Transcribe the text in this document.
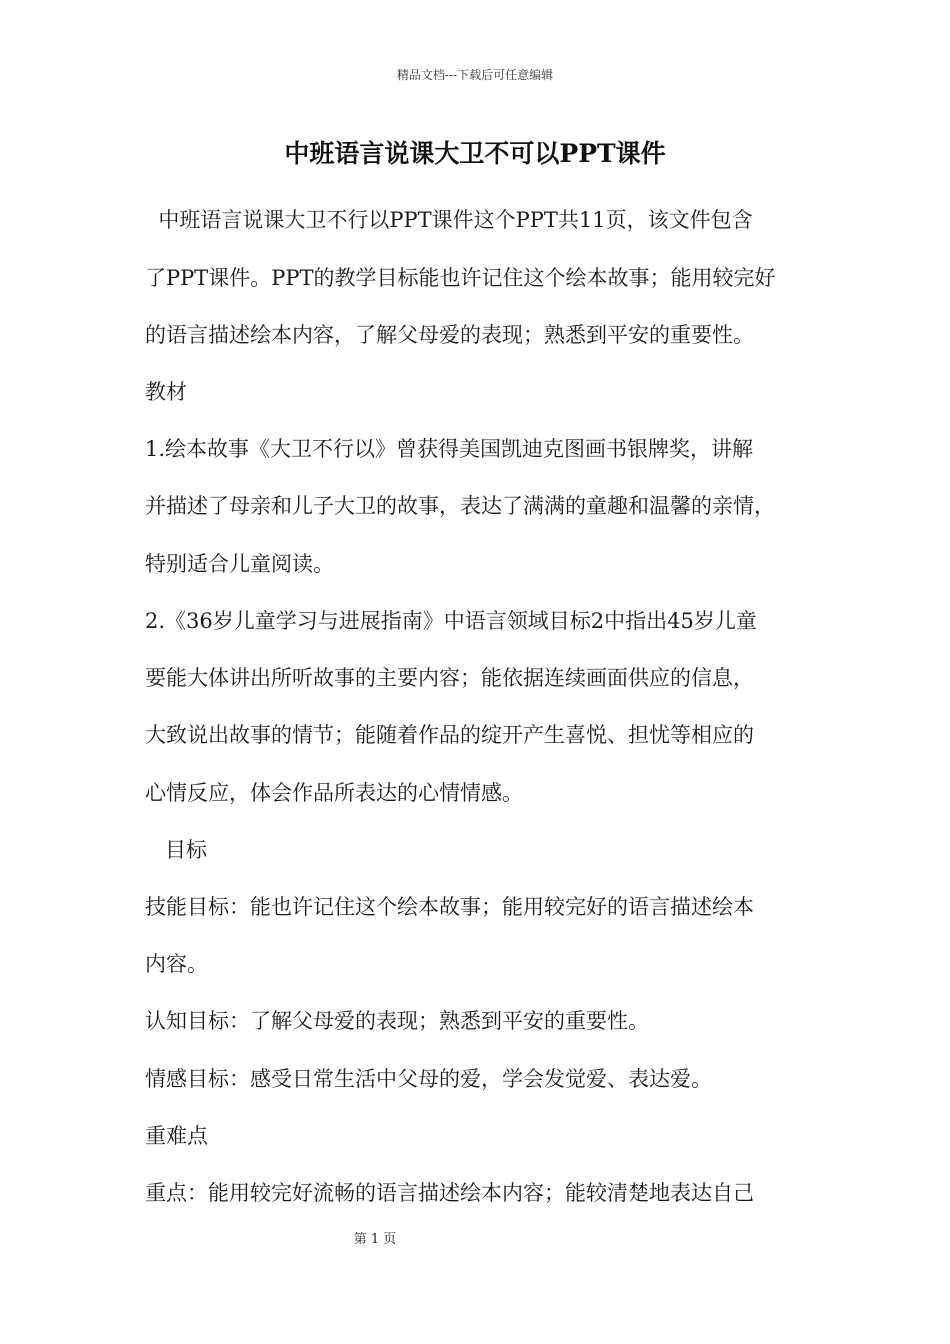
精品文档---下载后可任意编辑
中班语言说课大卫不可以PPT课件
中班语言说课大卫不行以PPT课件这个PPT共11页，该文件包含
了PPT课件。PPT的教学目标能也许记住这个绘本故事；能用较完好
的语言描述绘本内容，了解父母爱的表现；熟悉到平安的重要性。
教材
1.绘本故事《大卫不行以》曾获得美国凯迪克图画书银牌奖，讲解
并描述了母亲和儿子大卫的故事，表达了满满的童趣和温馨的亲情，
特别适合儿童阅读。
2.《36岁儿童学习与进展指南》中语言领域目标2中指出45岁儿童
要能大体讲出所听故事的主要内容；能依据连续画面供应的信息，
大致说出故事的情节；能随着作品的绽开产生喜悦、担忧等相应的
心情反应，体会作品所表达的心情情感。
目标
技能目标：能也许记住这个绘本故事；能用较完好的语言描述绘本
内容。
认知目标：了解父母爱的表现；熟悉到平安的重要性。
情感目标：感受日常生活中父母的爱，学会发觉爱、表达爱。
重难点
重点：能用较完好流畅的语言描述绘本内容；能较清楚地表达自己
第 1 页
